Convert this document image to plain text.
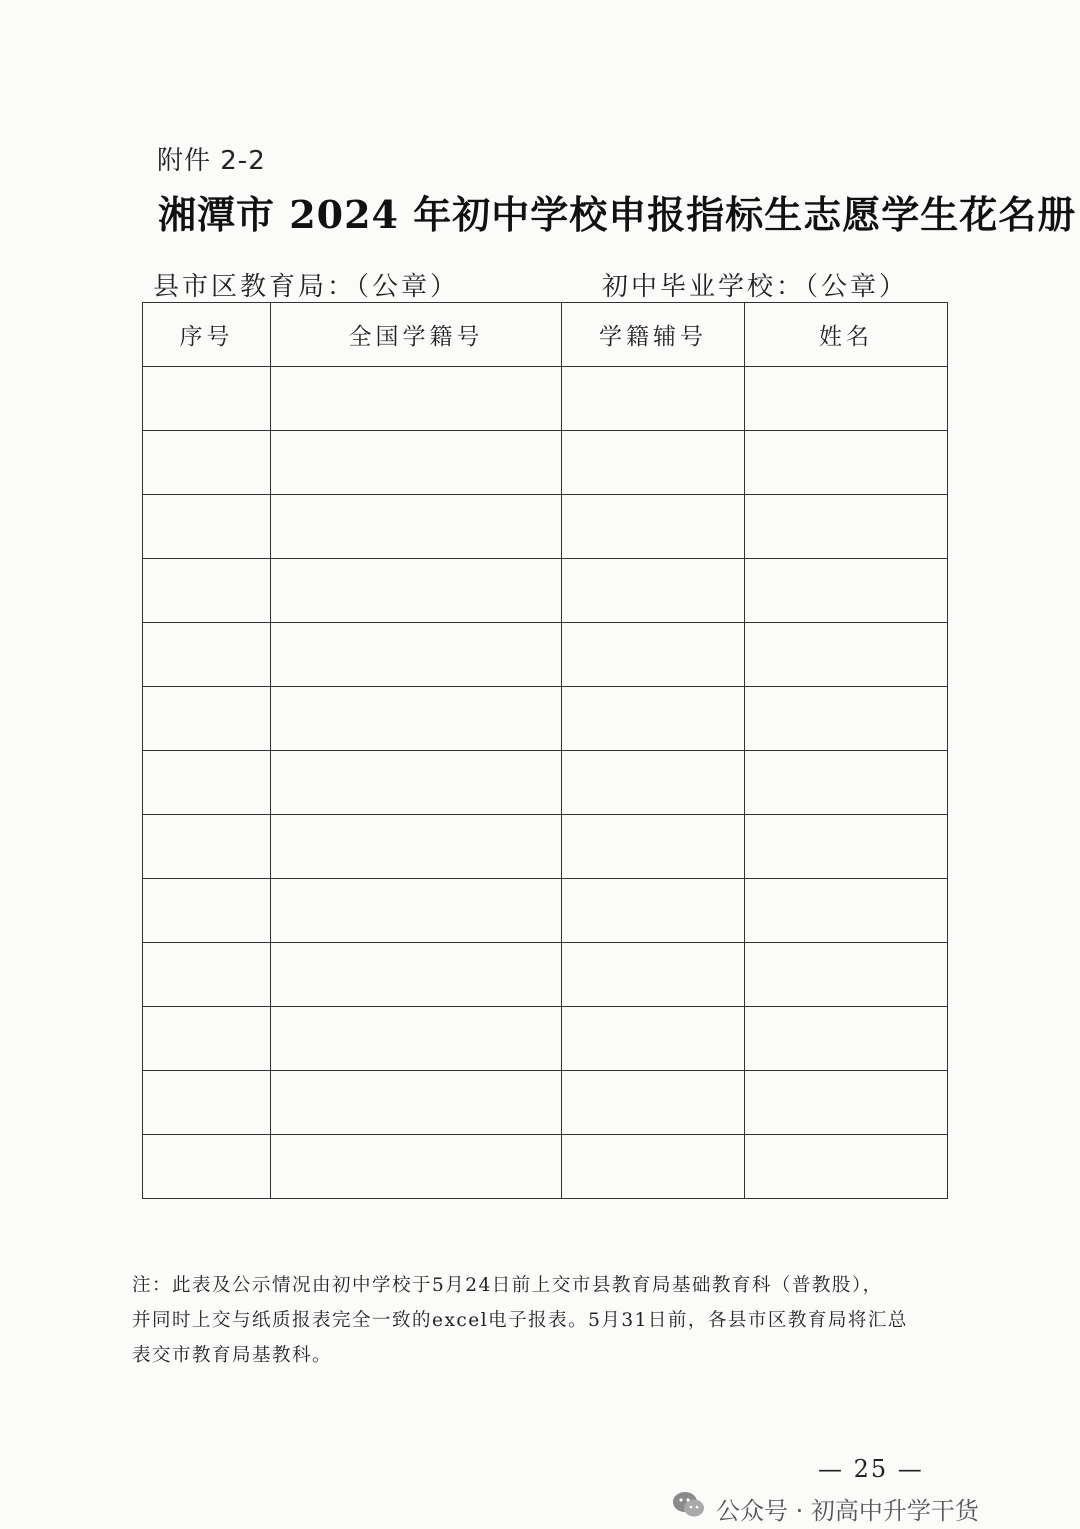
附件 2-2
湘潭市 2024 年初中学校申报指标生志愿学生花名册
县市区教育局：（公章）	初中毕业学校：（公章）
序号	全国学籍号	学籍辅号	姓名

注：此表及公示情况由初中学校于5月24日前上交市县教育局基础教育科（普教股），
并同时上交与纸质报表完全一致的excel电子报表。5月31日前，各县市区教育局将汇总
表交市教育局基教科。
— 25 —
公众号 · 初高中升学干货
